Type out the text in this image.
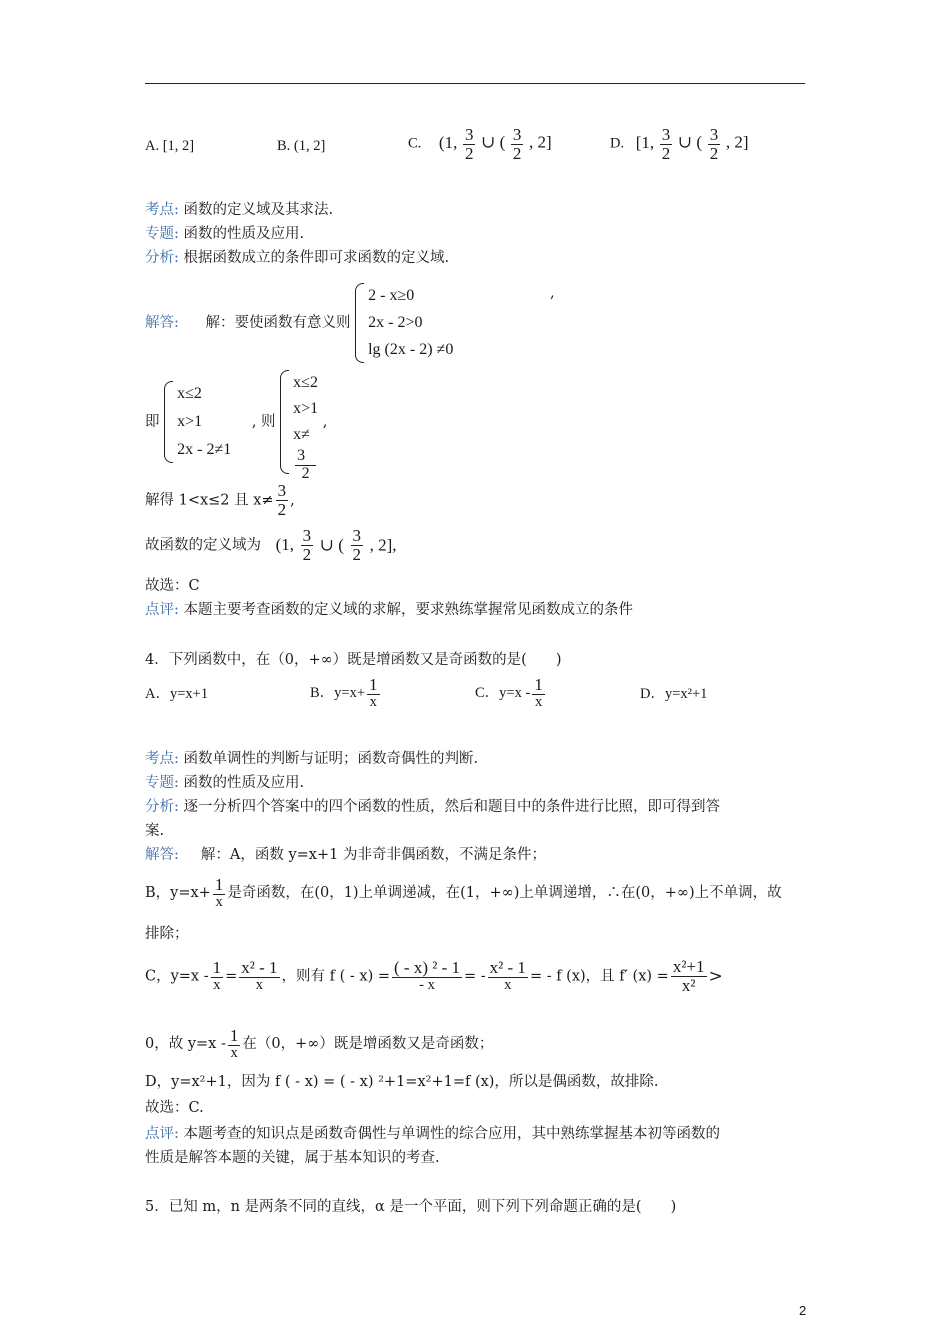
A. [1, 2]	B. (1, 2]	C. (1, $\frac{3}{2}$ ∪ ( $\frac{3}{2}$ , 2]	D. [1, $\frac{3}{2}$ ∪ ( $\frac{3}{2}$ , 2]
考点: 函数的定义域及其求法.
专题: 函数的性质及应用.
分析: 根据函数成立的条件即可求函数的定义域.
解答: 解：要使函数有意义则
2 - x≥0
2x - 2>0
lg (2x - 2) ≠0
,
即
x≤2
x>1
2x - 2≠1
, 则
x≤2
x>1
x≠
3
2
,
解得 1<x≤2 且 $x\ne \frac{3}{2}$ ,
故函数的定义域为 (1, $\frac{3}{2}$ ∪ ( $\frac{3}{2}$ , 2],
故选：C
点评: 本题主要考查函数的定义域的求解，要求熟练掌握常见函数成立的条件
4．下列函数中，在（0，+∞）既是增函数又是奇函数的是(　　)
A．y=x+1	B．$y=x+ \frac{1}{x}$	C．$y=x - \frac{1}{x}$	D．y=x²+1
考点: 函数单调性的判断与证明；函数奇偶性的判断.
专题: 函数的性质及应用.
分析: 逐一分析四个答案中的四个函数的性质，然后和题目中的条件进行比照，即可得到答
案.
解答: 解：A，函数 y=x+1 为非奇非偶函数，不满足条件；
B，$y=x+ \frac{1}{x}$ 是奇函数，在(0，1)上单调递减，在(1，+∞)上单调递增，∴在(0，+∞)上不单调，故
排除；
C，$y=x - \frac{1}{x} = \frac{\text{x² - 1}}{x}$ ，则有 f ( - $x) = \frac{\text{( - x) ² - 1}}{- x}$ = - $\frac{\text{x² - 1}}{x}$ = - f (x)，且 f′ $(x) = \frac{\text{x²+1}}{\text{x²}}$ >
0，故 $y=x - \frac{1}{x}$ 在（0，+∞）既是增函数又是奇函数；
D，y=x²+1，因为 f ( - x) = ( - x) ²+1=x²+1=f (x)，所以是偶函数，故排除.
故选：C.
点评: 本题考查的知识点是函数奇偶性与单调性的综合应用，其中熟练掌握基本初等函数的
性质是解答本题的关键，属于基本知识的考查.
5．已知 m，n 是两条不同的直线，α 是一个平面，则下列下列命题正确的是(　　)
2
